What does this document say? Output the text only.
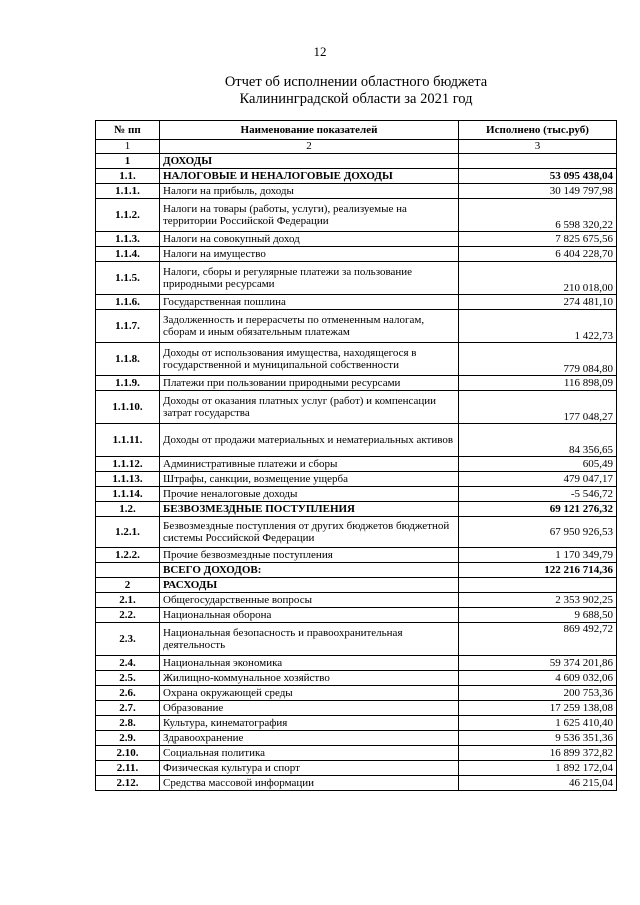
12
Отчет об исполнении областного бюджета
Калининградской области за 2021 год
№ пп	Наименование показателей	Исполнено (тыс.руб)
1	2	3
1	ДОХОДЫ	
1.1.	НАЛОГОВЫЕ И НЕНАЛОГОВЫЕ ДОХОДЫ	53 095 438,04
1.1.1.	Налоги на прибыль, доходы	30 149 797,98
1.1.2.	Налоги на товары (работы, услуги), реализуемые на территории Российской Федерации	6 598 320,22
1.1.3.	Налоги на совокупный доход	7 825 675,56
1.1.4.	Налоги на имущество	6 404 228,70
1.1.5.	Налоги, сборы и регулярные платежи за пользование природными ресурсами	210 018,00
1.1.6.	Государственная пошлина	274 481,10
1.1.7.	Задолженность и перерасчеты по отмененным налогам, сборам и иным обязательным платежам	1 422,73
1.1.8.	Доходы от использования имущества, находящегося в государственной и муниципальной собственности	779 084,80
1.1.9.	Платежи при пользовании природными ресурсами	116 898,09
1.1.10.	Доходы от оказания платных услуг (работ) и компенсации затрат государства	177 048,27
1.1.11.	Доходы от продажи материальных и нематериальных активов	84 356,65
1.1.12.	Административные платежи и сборы	605,49
1.1.13.	Штрафы, санкции, возмещение ущерба	479 047,17
1.1.14.	Прочие неналоговые доходы	-5 546,72
1.2.	БЕЗВОЗМЕЗДНЫЕ ПОСТУПЛЕНИЯ	69 121 276,32
1.2.1.	Безвозмездные поступления от других бюджетов бюджетной системы Российской Федерации	67 950 926,53
1.2.2.	Прочие безвозмездные поступления	1 170 349,79
	ВСЕГО ДОХОДОВ:	122 216 714,36
2	РАСХОДЫ	
2.1.	Общегосударственные вопросы	2 353 902,25
2.2.	Национальная оборона	9 688,50
2.3.	Национальная безопасность и правоохранительная деятельность	869 492,72
2.4.	Национальная экономика	59 374 201,86
2.5.	Жилищно-коммунальное хозяйство	4 609 032,06
2.6.	Охрана окружающей среды	200 753,36
2.7.	Образование	17 259 138,08
2.8.	Культура, кинематография	1 625 410,40
2.9.	Здравоохранение	9 536 351,36
2.10.	Социальная политика	16 899 372,82
2.11.	Физическая культура и спорт	1 892 172,04
2.12.	Средства массовой информации	46 215,04
